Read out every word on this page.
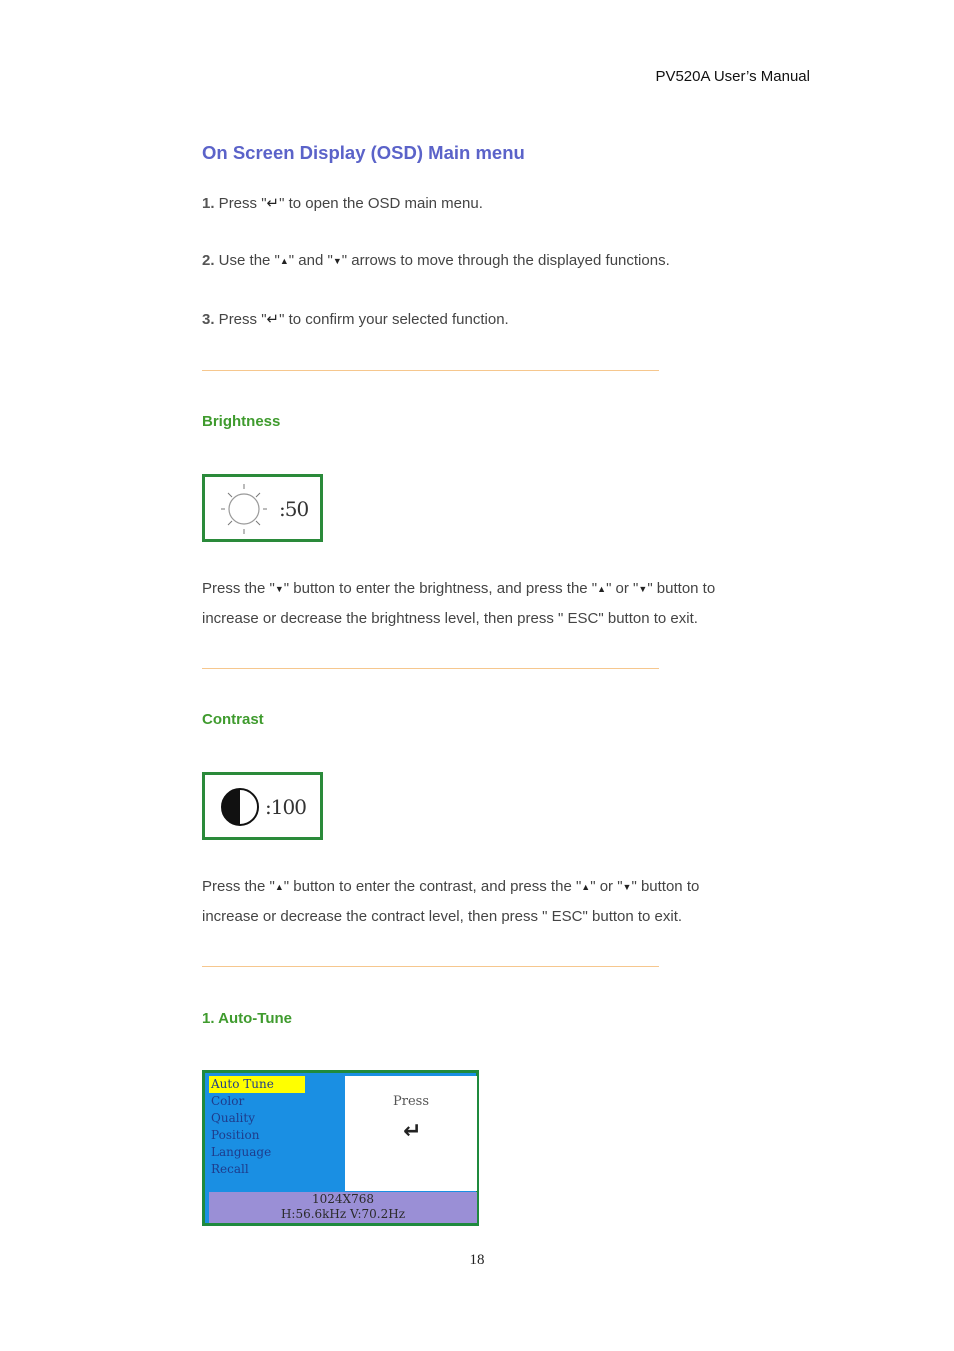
PV520A User’s Manual
On Screen Display (OSD) Main menu
1. Press "↵" to open the OSD main menu.
2. Use the "▲" and "▼" arrows to move through the displayed functions.
3. Press "↵" to confirm your selected function.
Brightness
:50
Press the "▼" button to enter the brightness, and press the "▲" or "▼" button to
increase or decrease the brightness level, then press " ESC" button to exit.
Contrast
:100
Press the "▲" button to enter the contrast, and press the "▲" or "▼" button to
increase or decrease the contract level, then press " ESC" button to exit.
1. Auto-Tune
Auto Tune
Color
Quality
Position
Language
Recall
Press
↵
1024X768
H:56.6kHz V:70.2Hz
18
